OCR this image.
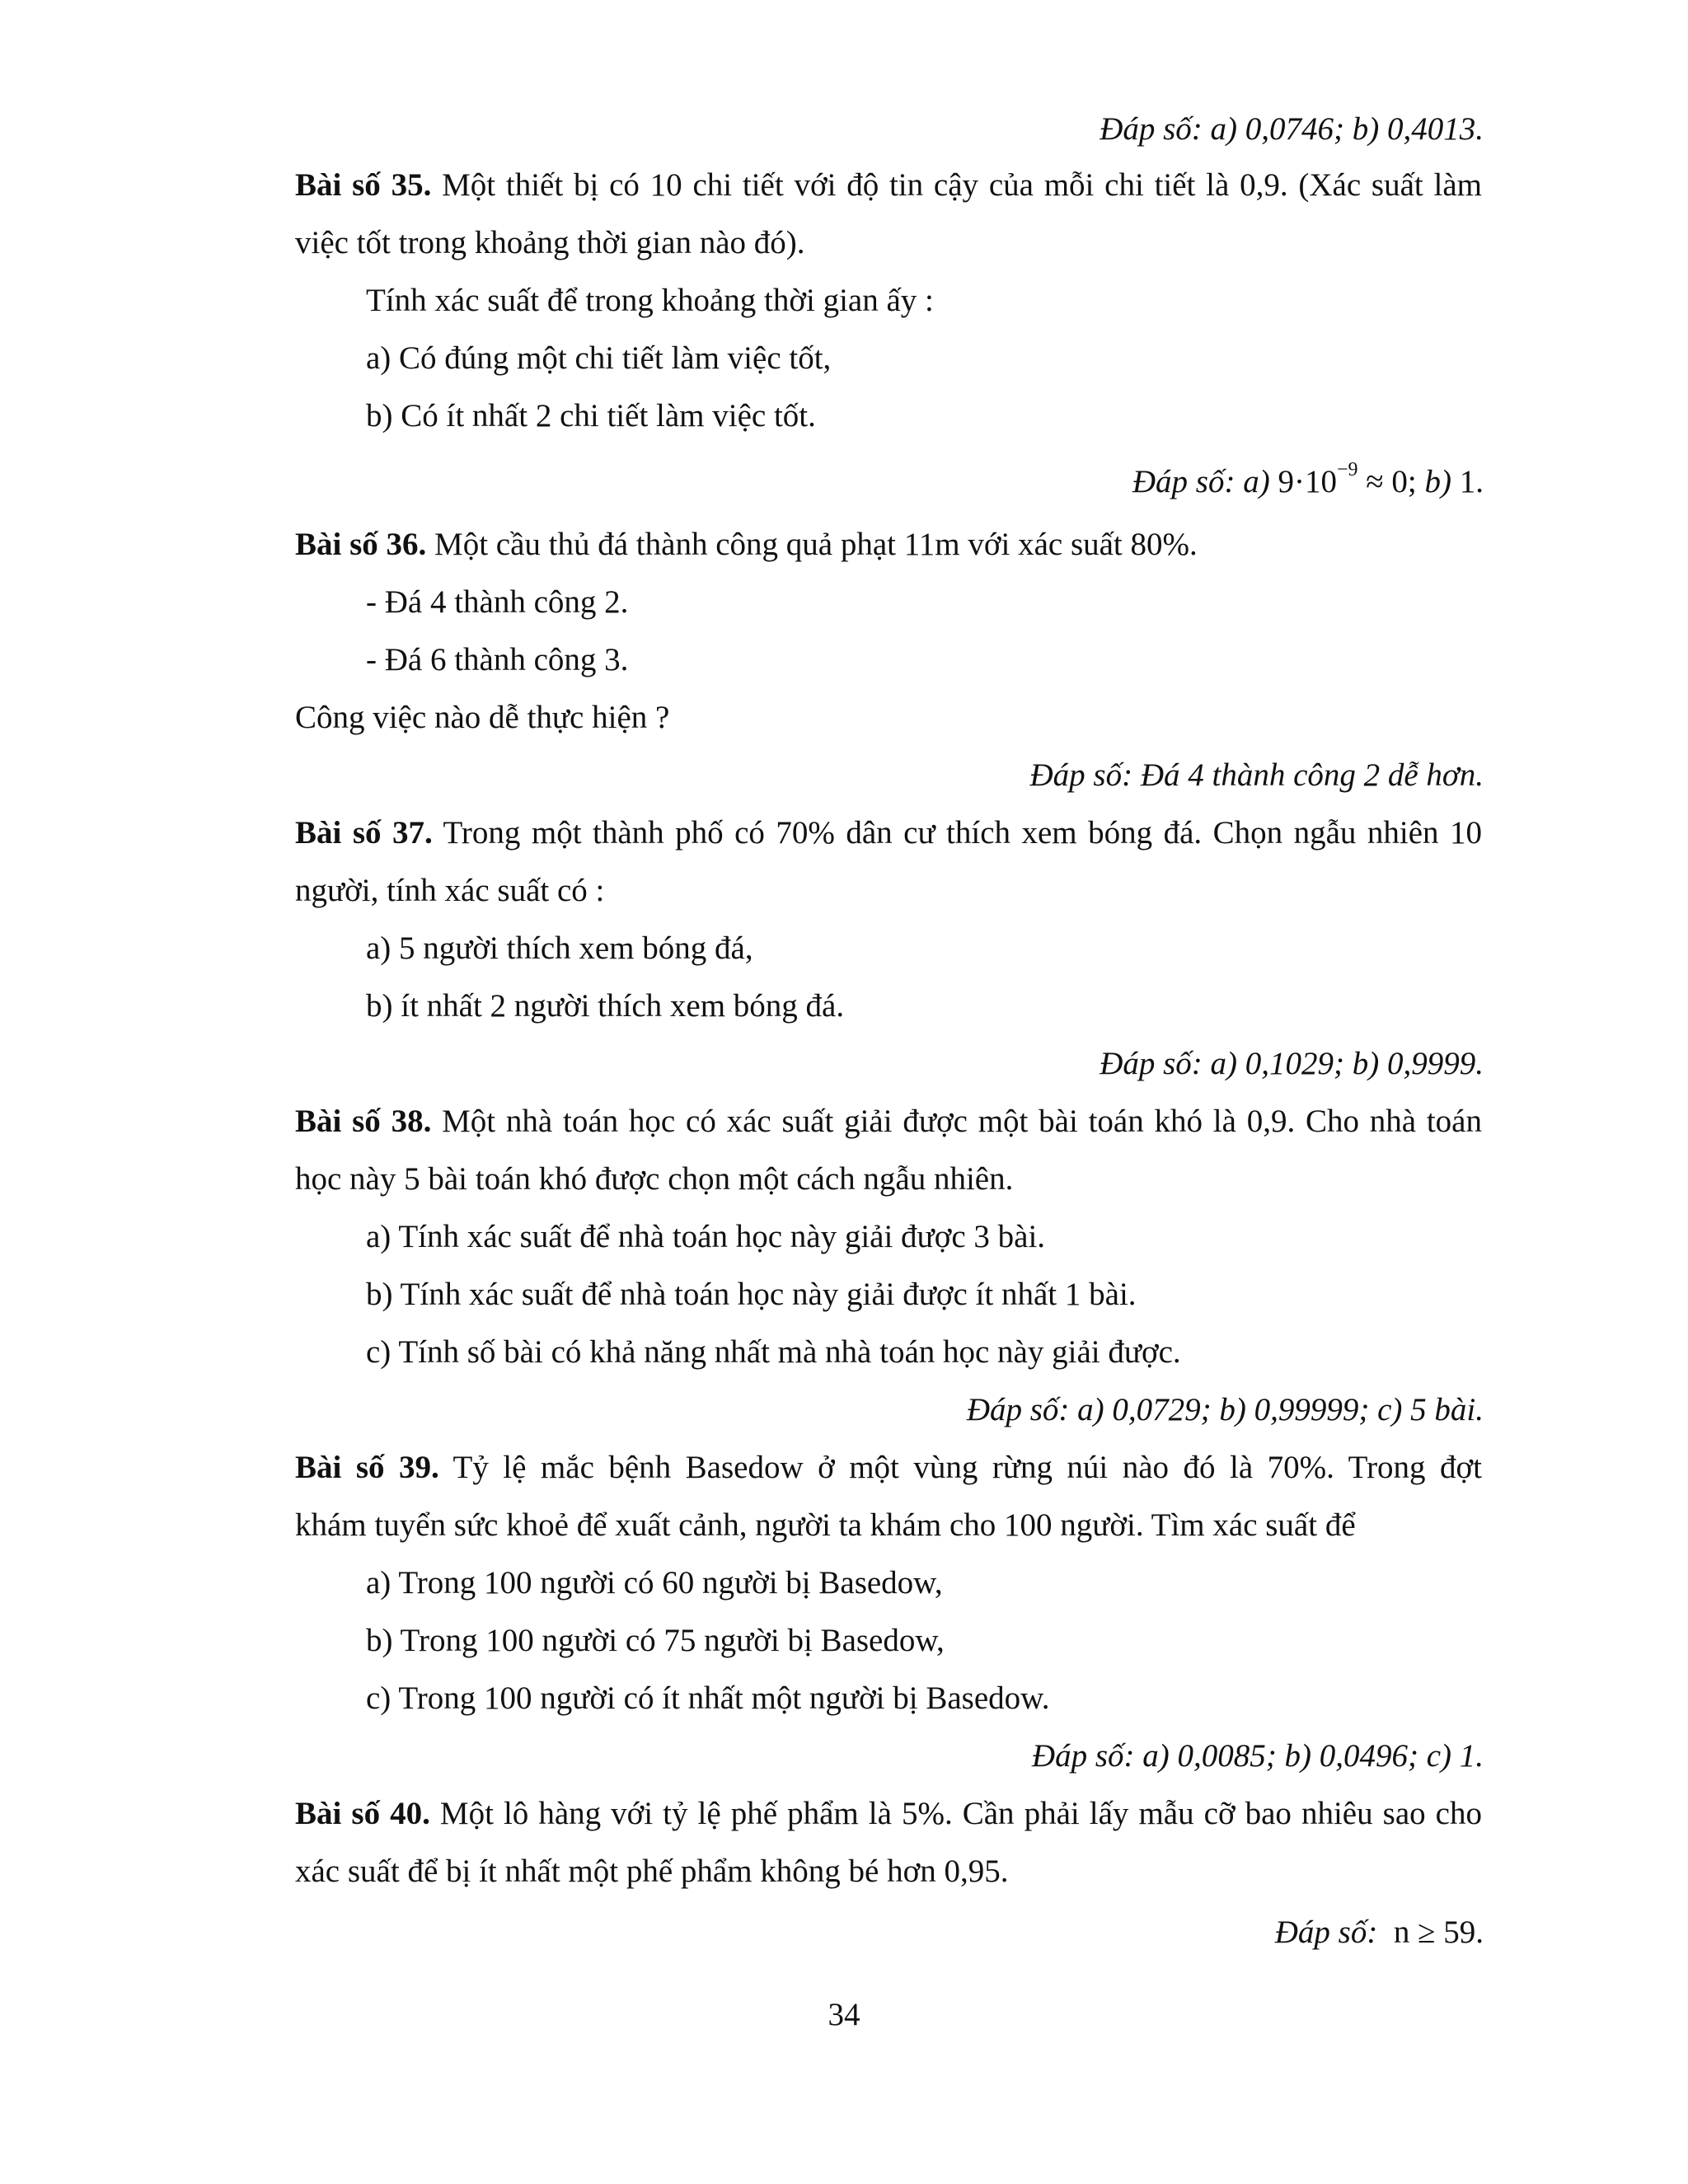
Đáp số: a) 0,0746; b) 0,4013.
Bài số 35. Một thiết bị có 10 chi tiết với độ tin cậy của mỗi chi tiết là 0,9. (Xác suất làm
việc tốt trong khoảng thời gian nào đó).
Tính xác suất để trong khoảng thời gian ấy :
a) Có đúng một chi tiết làm việc tốt,
b) Có ít nhất 2 chi tiết làm việc tốt.
Đáp số: a) $9\cdot 10^{-9} \approx 0$; b) 1.
Bài số 36. Một cầu thủ đá thành công quả phạt 11m với xác suất 80%.
- Đá 4 thành công 2.
- Đá 6 thành công 3.
Công việc nào dễ thực hiện ?
Đáp số: Đá 4 thành công 2 dễ hơn.
Bài số 37. Trong một thành phố có 70% dân cư thích xem bóng đá. Chọn ngẫu nhiên 10
người, tính xác suất có :
a) 5 người thích xem bóng đá,
b) ít nhất 2 người thích xem bóng đá.
Đáp số: a) 0,1029; b) 0,9999.
Bài số 38. Một nhà toán học có xác suất giải được một bài toán khó là 0,9. Cho nhà toán
học này 5 bài toán khó được chọn một cách ngẫu nhiên.
a) Tính xác suất để nhà toán học này giải được 3 bài.
b) Tính xác suất để nhà toán học này giải được ít nhất 1 bài.
c) Tính số bài có khả năng nhất mà nhà toán học này giải được.
Đáp số: a) 0,0729; b) 0,99999; c) 5 bài.
Bài số 39. Tỷ lệ mắc bệnh Basedow ở một vùng rừng núi nào đó là 70%. Trong đợt
khám tuyển sức khoẻ để xuất cảnh, người ta khám cho 100 người. Tìm xác suất để
a) Trong 100 người có 60 người bị Basedow,
b) Trong 100 người có 75 người bị Basedow,
c) Trong 100 người có ít nhất một người bị Basedow.
Đáp số: a) 0,0085; b) 0,0496; c) 1.
Bài số 40. Một lô hàng với tỷ lệ phế phẩm là 5%. Cần phải lấy mẫu cỡ bao nhiêu sao cho
xác suất để bị ít nhất một phế phẩm không bé hơn 0,95.
Đáp số:  n ≥ 59.
34
